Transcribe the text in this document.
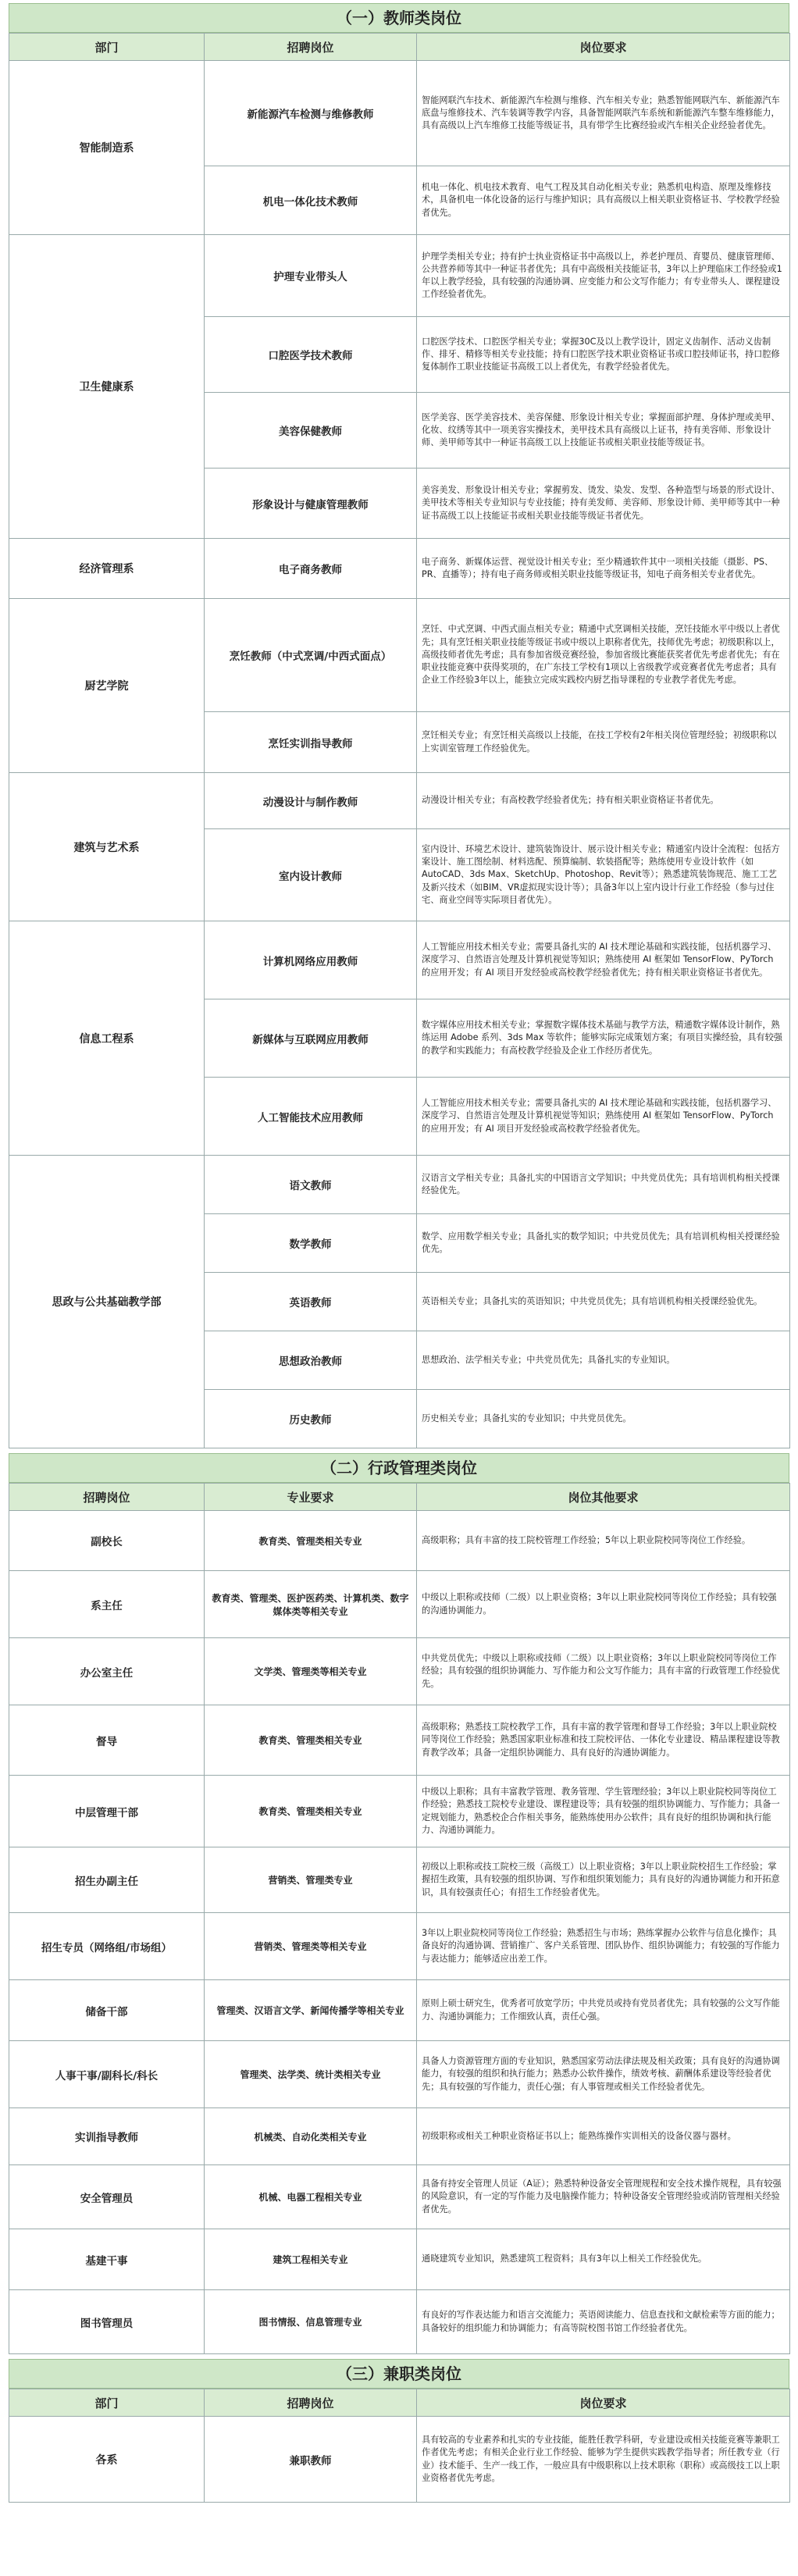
（一）教师类岗位
部门	招聘岗位	岗位要求
智能制造系	新能源汽车检测与维修教师	智能网联汽车技术、新能源汽车检测与维修、汽车相关专业；熟悉智能网联汽车、新能源汽车底盘与维修技术、汽车装调等教学内容，具备智能网联汽车系统和新能源汽车整车维修能力，具有高级以上汽车维修工技能等级证书，具有带学生比赛经验或汽车相关企业经验者优先。
	机电一体化技术教师	机电一体化、机电技术教育、电气工程及其自动化相关专业；熟悉机电构造、原理及维修技术，具备机电一体化设备的运行与维护知识；具有高级以上相关职业资格证书、学校教学经验者优先。
卫生健康系	护理专业带头人	护理学类相关专业；持有护士执业资格证书中高级以上，养老护理员、育婴员、健康管理师、公共营养师等其中一种证书者优先；具有中高级相关技能证书，3年以上护理临床工作经验或1年以上教学经验，具有较强的沟通协调、应变能力和公文写作能力；有专业带头人、课程建设工作经验者优先。
	口腔医学技术教师	口腔医学技术、口腔医学相关专业；掌握30C及以上教学设计，固定义齿制作、活动义齿制作、排牙、精修等相关专业技能；持有口腔医学技术职业资格证书或口腔技师证书，持口腔修复体制作工职业技能证书高级工以上者优先，有教学经验者优先。
	美容保健教师	医学美容、医学美容技术、美容保健、形象设计相关专业；掌握面部护理、身体护理或美甲、化妆、纹绣等其中一项美容实操技术，美甲技术具有高级以上证书，持有美容师、形象设计师、美甲师等其中一种证书高级工以上技能证书或相关职业技能等级证书。
	形象设计与健康管理教师	美容美发、形象设计相关专业；掌握剪发、烫发、染发、发型、各种造型与场景的形式设计、美甲技术等相关专业知识与专业技能；持有美发师、美容师、形象设计师、美甲师等其中一种证书高级工以上技能证书或相关职业技能等级证书者优先。
经济管理系	电子商务教师	电子商务、新媒体运营、视觉设计相关专业；至少精通软件其中一项相关技能（摄影、PS、PR、直播等）；持有电子商务师或相关职业技能等级证书，知电子商务相关专业者优先。
厨艺学院	烹饪教师（中式烹调/中西式面点）	烹饪、中式烹调、中西式面点相关专业；精通中式烹调相关技能，烹饪技能水平中级以上者优先；具有烹饪相关职业技能等级证书或中级以上职称者优先，技师优先考虑；初级职称以上，高级技师者优先考虑；具有参加省级竞赛经验，参加省级比赛能获奖者优先考虑者优先；有在职业技能竞赛中获得奖项的，在广东技工学校有1项以上省级教学或竞赛者优先考虑者；具有企业工作经验3年以上，能独立完成实践校内厨艺指导课程的专业教学者优先考虑。
	烹饪实训指导教师	烹饪相关专业；有烹饪相关高级以上技能，在技工学校有2年相关岗位管理经验；初级职称以上实训室管理工作经验优先。
建筑与艺术系	动漫设计与制作教师	动漫设计相关专业；有高校教学经验者优先；持有相关职业资格证书者优先。
	室内设计教师	室内设计、环境艺术设计、建筑装饰设计、展示设计相关专业；精通室内设计全流程：包括方案设计、施工图绘制、材料选配、预算编制、软装搭配等；熟练使用专业设计软件（如AutoCAD、3ds Max、SketchUp、Photoshop、Revit等）；熟悉建筑装饰规范、施工工艺及新兴技术（如BIM、VR虚拟现实设计等）；具备3年以上室内设计行业工作经验（参与过住宅、商业空间等实际项目者优先）。
信息工程系	计算机网络应用教师	人工智能应用技术相关专业；需要具备扎实的 AI 技术理论基础和实践技能，包括机器学习、深度学习、自然语言处理及计算机视觉等知识；熟练使用 AI 框架如 TensorFlow、PyTorch 的应用开发；有 AI 项目开发经验或高校教学经验者优先；持有相关职业资格证书者优先。
	新媒体与互联网应用教师	数字媒体应用技术相关专业；掌握数字媒体技术基础与教学方法，精通数字媒体设计制作，熟练运用 Adobe 系列、3ds Max 等软件；能够实际完成策划方案；有项目实操经验，具有较强的教学和实践能力；有高校教学经验及企业工作经历者优先。
	人工智能技术应用教师	人工智能应用技术相关专业；需要具备扎实的 AI 技术理论基础和实践技能，包括机器学习、深度学习、自然语言处理及计算机视觉等知识；熟练使用 AI 框架如 TensorFlow、PyTorch 的应用开发；有 AI 项目开发经验或高校教学经验者优先。
思政与公共基础教学部	语文教师	汉语言文学相关专业；具备扎实的中国语言文学知识；中共党员优先；具有培训机构相关授课经验优先。
	数学教师	数学、应用数学相关专业；具备扎实的数学知识；中共党员优先；具有培训机构相关授课经验优先。
	英语教师	英语相关专业；具备扎实的英语知识；中共党员优先；具有培训机构相关授课经验优先。
	思想政治教师	思想政治、法学相关专业；中共党员优先；具备扎实的专业知识。
	历史教师	历史相关专业；具备扎实的专业知识；中共党员优先。
（二）行政管理类岗位
招聘岗位	专业要求	岗位其他要求
副校长	教育类、管理类相关专业	高级职称；具有丰富的技工院校管理工作经验；5年以上职业院校同等岗位工作经验。
系主任	教育类、管理类、医护医药类、计算机类、数字媒体类等相关专业	中级以上职称或技师（二级）以上职业资格；3年以上职业院校同等岗位工作经验；具有较强的沟通协调能力。
办公室主任	文学类、管理类等相关专业	中共党员优先；中级以上职称或技师（二级）以上职业资格；3年以上职业院校同等岗位工作经验；具有较强的组织协调能力、写作能力和公文写作能力；具有丰富的行政管理工作经验优先。
督导	教育类、管理类相关专业	高级职称；熟悉技工院校教学工作，具有丰富的教学管理和督导工作经验；3年以上职业院校同等岗位工作经验；熟悉国家职业标准和技工院校评估、一体化专业建设、精品课程建设等教育教学改革；具备一定组织协调能力、具有良好的沟通协调能力。
中层管理干部	教育类、管理类相关专业	中级以上职称；具有丰富教学管理、教务管理、学生管理经验；3年以上职业院校同等岗位工作经验；熟悉技工院校专业建设、课程建设等；具有较强的组织协调能力、写作能力；具备一定规划能力，熟悉校企合作相关事务，能熟练使用办公软件；具有良好的组织协调和执行能力、沟通协调能力。
招生办副主任	营销类、管理类专业	初级以上职称或技工院校三级（高级工）以上职业资格；3年以上职业院校招生工作经验；掌握招生政策，具有较强的组织协调、写作和组织策划能力；具有良好的沟通协调能力和开拓意识，具有较强责任心；有招生工作经验者优先。
招生专员（网络组/市场组）	营销类、管理类等相关专业	3年以上职业院校同等岗位工作经验；熟悉招生与市场；熟练掌握办公软件与信息化操作；具备良好的沟通协调、营销推广、客户关系管理、团队协作、组织协调能力；有较强的写作能力与表达能力；能够适应出差工作。
储备干部	管理类、汉语言文学、新闻传播学等相关专业	原则上硕士研究生，优秀者可放宽学历；中共党员或持有党员者优先；具有较强的公文写作能力、沟通协调能力；工作细致认真，责任心强。
人事干事/副科长/科长	管理类、法学类、统计类相关专业	具备人力资源管理方面的专业知识，熟悉国家劳动法律法规及相关政策；具有良好的沟通协调能力，有较强的组织和执行能力；熟悉办公软件操作，绩效考核、薪酬体系建设等经验者优先；具有较强的写作能力，责任心强；有人事管理或相关工作经验者优先。
实训指导教师	机械类、自动化类相关专业	初级职称或相关工种职业资格证书以上；能熟练操作实训相关的设备仪器与器材。
安全管理员	机械、电器工程相关专业	具备有持安全管理人员证（A证）；熟悉特种设备安全管理规程和安全技术操作规程，具有较强的风险意识，有一定的写作能力及电脑操作能力；特种设备安全管理经验或消防管理相关经验者优先。
基建干事	建筑工程相关专业	通晓建筑专业知识，熟悉建筑工程资料；具有3年以上相关工作经验优先。
图书管理员	图书情报、信息管理专业	有良好的写作表达能力和语言交流能力；英语阅读能力、信息查找和文献检索等方面的能力；具备较好的组织能力和协调能力；有高等院校图书馆工作经验者优先。
（三）兼职类岗位
部门	招聘岗位	岗位要求
各系	兼职教师	具有较高的专业素养和扎实的专业技能，能胜任教学科研，专业建设或相关技能竞赛等兼职工作者优先考虑；有相关企业行业工作经验、能够为学生提供实践教学指导者；所任教专业（行业）技术能手、生产一线工作，一般应具有中级职称以上技术职称（职称）或高级技工以上职业资格者优先考虑。
